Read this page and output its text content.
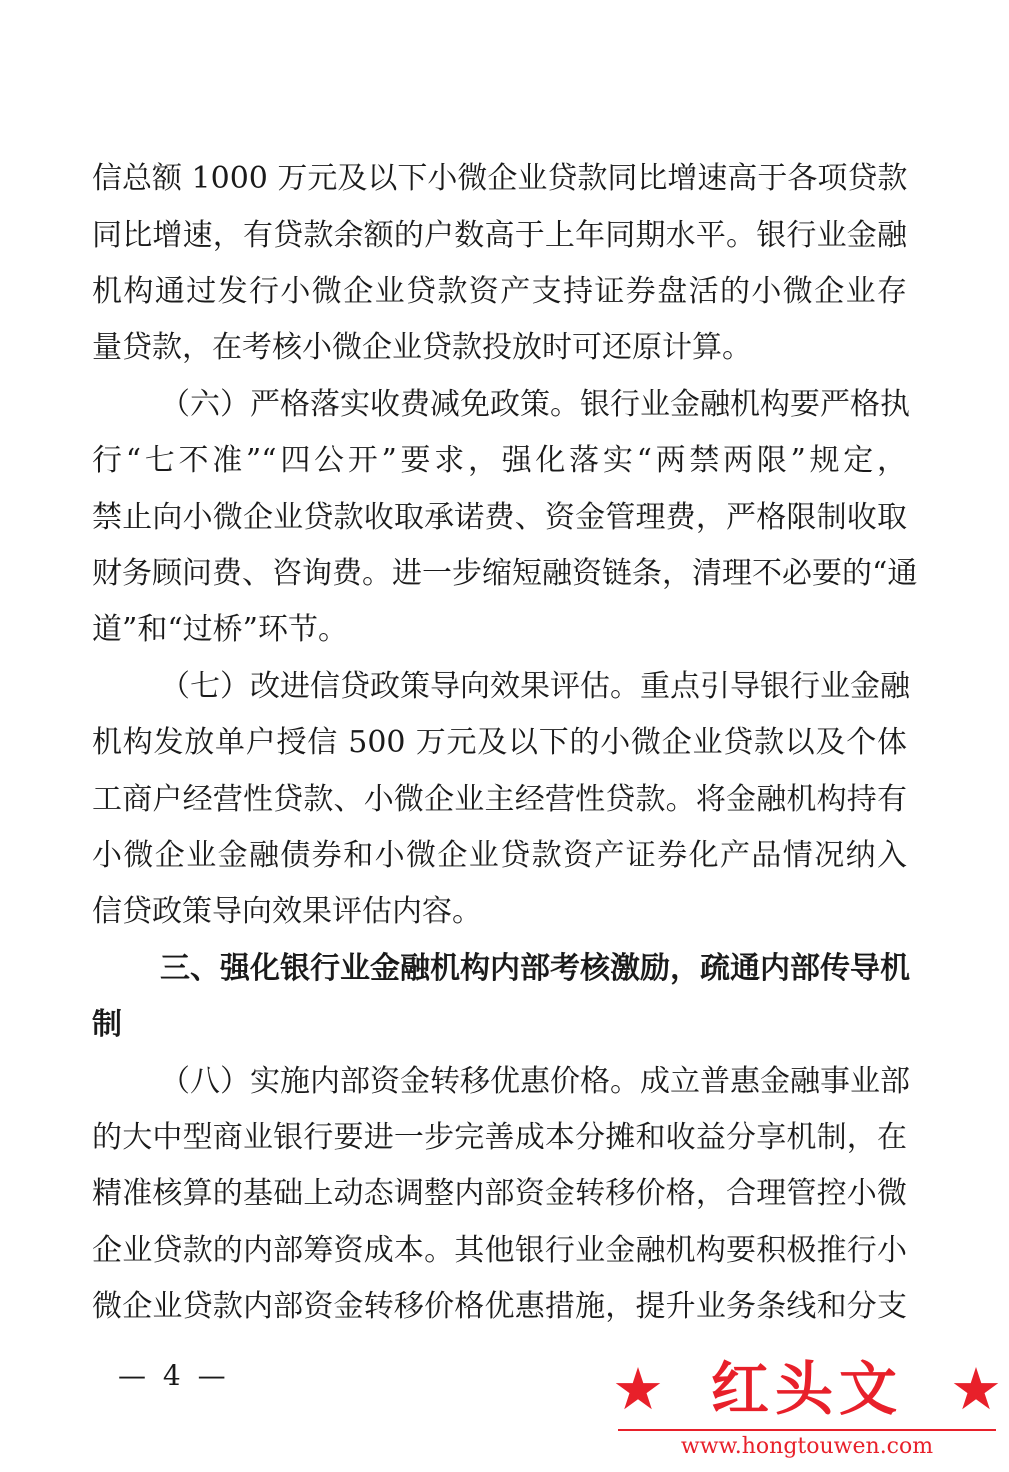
信总额 1000 万元及以下小微企业贷款同比增速高于各项贷款
同比增速，有贷款余额的户数高于上年同期水平。银行业金融
机构通过发行小微企业贷款资产支持证券盘活的小微企业存
量贷款，在考核小微企业贷款投放时可还原计算。
（六）严格落实收费减免政策。银行业金融机构要严格执
行“七不准”“四公开”要求，强化落实“两禁两限”规定，
禁止向小微企业贷款收取承诺费、资金管理费，严格限制收取
财务顾问费、咨询费。进一步缩短融资链条，清理不必要的“通
道”和“过桥”环节。
（七）改进信贷政策导向效果评估。重点引导银行业金融
机构发放单户授信 500 万元及以下的小微企业贷款以及个体
工商户经营性贷款、小微企业主经营性贷款。将金融机构持有
小微企业金融债券和小微企业贷款资产证券化产品情况纳入
信贷政策导向效果评估内容。
三、强化银行业金融机构内部考核激励，疏通内部传导机
制
（八）实施内部资金转移优惠价格。成立普惠金融事业部
的大中型商业银行要进一步完善成本分摊和收益分享机制，在
精准核算的基础上动态调整内部资金转移价格，合理管控小微
企业贷款的内部筹资成本。其他银行业金融机构要积极推行小
微企业贷款内部资金转移价格优惠措施，提升业务条线和分支
— 4 —	★ 红头文 ★
www.hongtouwen.com
